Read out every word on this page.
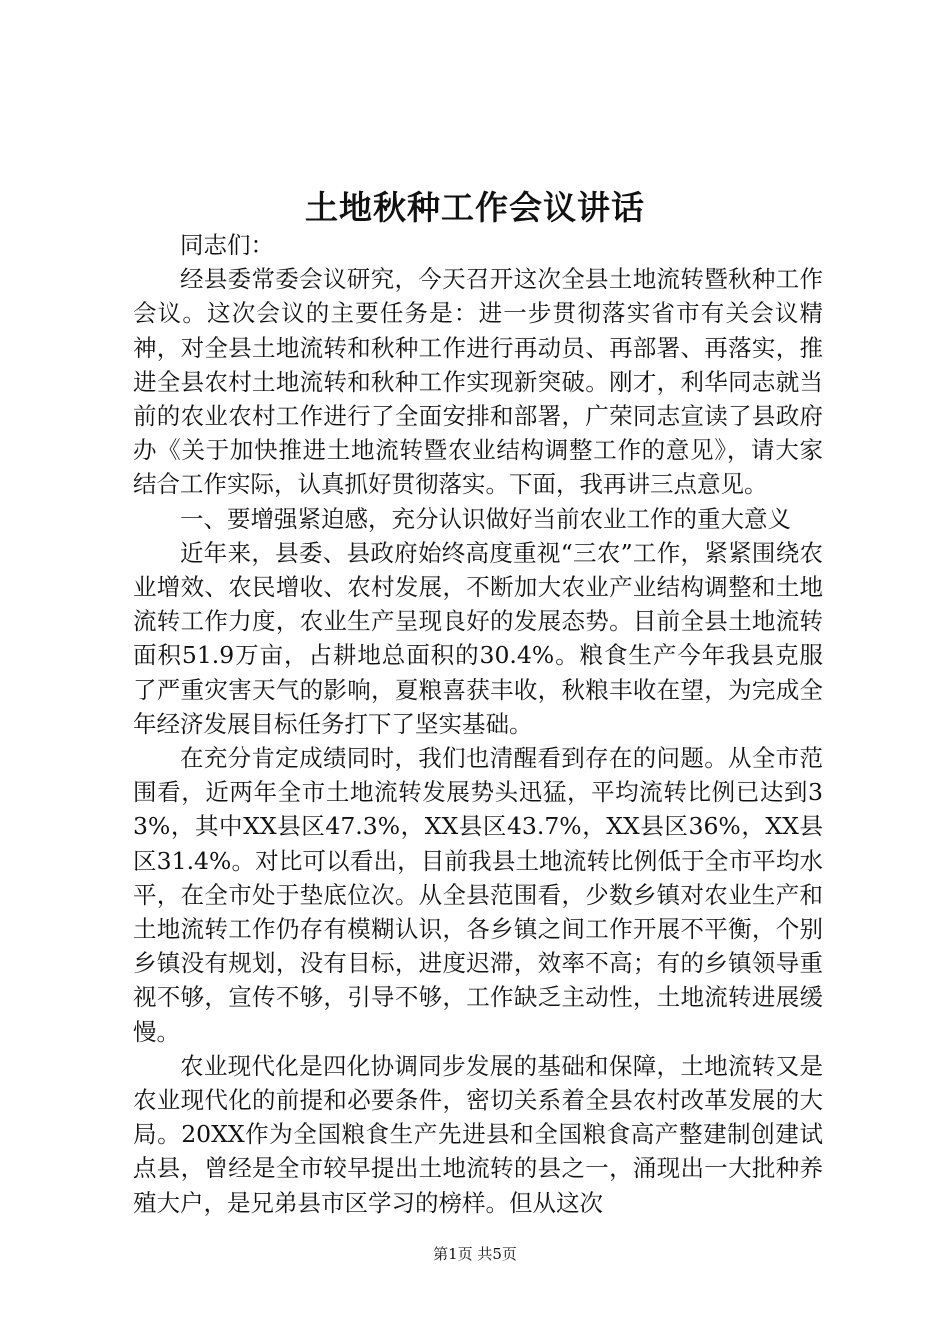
土地秋种工作会议讲话

同志们：

经县委常委会议研究，今天召开这次全县土地流转暨秋种工作会议。这次会议的主要任务是：进一步贯彻落实省市有关会议精神，对全县土地流转和秋种工作进行再动员、再部署、再落实，推进全县农村土地流转和秋种工作实现新突破。刚才，利华同志就当前的农业农村工作进行了全面安排和部署，广荣同志宣读了县政府办《关于加快推进土地流转暨农业结构调整工作的意见》，请大家结合工作实际，认真抓好贯彻落实。下面，我再讲三点意见。

一、要增强紧迫感，充分认识做好当前农业工作的重大意义

近年来，县委、县政府始终高度重视“三农”工作，紧紧围绕农业增效、农民增收、农村发展，不断加大农业产业结构调整和土地流转工作力度，农业生产呈现良好的发展态势。目前全县土地流转面积51.9万亩，占耕地总面积的30.4%。粮食生产今年我县克服了严重灾害天气的影响，夏粮喜获丰收，秋粮丰收在望，为完成全年经济发展目标任务打下了坚实基础。

在充分肯定成绩同时，我们也清醒看到存在的问题。从全市范围看，近两年全市土地流转发展势头迅猛，平均流转比例已达到33%，其中XX县区47.3%，XX县区43.7%，XX县区36%，XX县区31.4%。对比可以看出，目前我县土地流转比例低于全市平均水平，在全市处于垫底位次。从全县范围看，少数乡镇对农业生产和土地流转工作仍存有模糊认识，各乡镇之间工作开展不平衡，个别乡镇没有规划，没有目标，进度迟滞，效率不高；有的乡镇领导重视不够，宣传不够，引导不够，工作缺乏主动性，土地流转进展缓慢。

农业现代化是四化协调同步发展的基础和保障，土地流转又是农业现代化的前提和必要条件，密切关系着全县农村改革发展的大局。20XX作为全国粮食生产先进县和全国粮食高产整建制创建试点县，曾经是全市较早提出土地流转的县之一，涌现出一大批种养殖大户，是兄弟县市区学习的榜样。但从这次

第1页 共5页
